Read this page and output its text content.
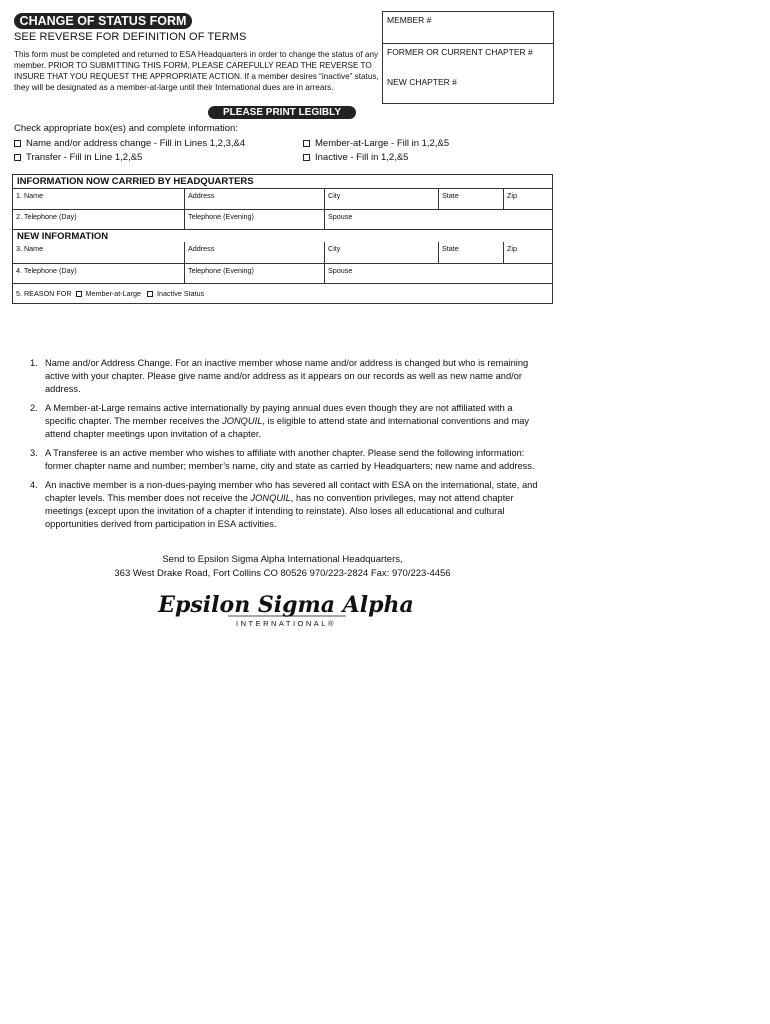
CHANGE OF STATUS FORM
SEE REVERSE FOR DEFINITION OF TERMS
This form must be completed and returned to ESA Headquarters in order to change the status of any member. PRIOR TO SUBMITTING THIS FORM, PLEASE CAREFULLY READ THE REVERSE TO INSURE THAT YOU REQUEST THE APPROPRIATE ACTION. If a member desires “inactive” status, they will be designated as a member-at-large until their International dues are in arrears.
MEMBER #
FORMER OR CURRENT CHAPTER #
NEW CHAPTER #
PLEASE PRINT LEGIBLY
Check appropriate box(es) and complete information:
Name and/or address change - Fill in Lines 1,2,3,&4
Transfer - Fill in Line 1,2,&5
Member-at-Large - Fill in 1,2,&5
Inactive - Fill in 1,2,&5
INFORMATION NOW CARRIED BY HEADQUARTERS
1. Name	Address	City	State	Zip
2. Telephone (Day)	Telephone (Evening)	Spouse
NEW INFORMATION
3. Name	Address	City	State	Zip
4. Telephone (Day)	Telephone (Evening)	Spouse
5. REASON FOR Member-at-Large Inactive Status
1. Name and/or Address Change. For an inactive member whose name and/or address is changed but who is remaining active with your chapter. Please give name and/or address as it appears on our records as well as new name and/or address.
2. A Member-at-Large remains active internationally by paying annual dues even though they are not affiliated with a specific chapter. The member receives the JONQUIL, is eligible to attend state and international conventions and may attend chapter meetings upon invitation of a chapter.
3. A Transferee is an active member who wishes to affiliate with another chapter. Please send the following information: former chapter name and number; member’s name, city and state as carried by Headquarters; new name and address.
4. An inactive member is a non-dues-paying member who has severed all contact with ESA on the international, state, and chapter levels. This member does not receive the JONQUIL, has no convention privileges, may not attend chapter meetings (except upon the invitation of a chapter if intending to reinstate). Also loses all educational and cultural opportunities derived from participation in ESA activities.
Send to Epsilon Sigma Alpha International Headquarters,
363 West Drake Road, Fort Collins CO 80526 970/223-2824 Fax: 970/223-4456
Epsilon Sigma Alpha
INTERNATIONAL®
